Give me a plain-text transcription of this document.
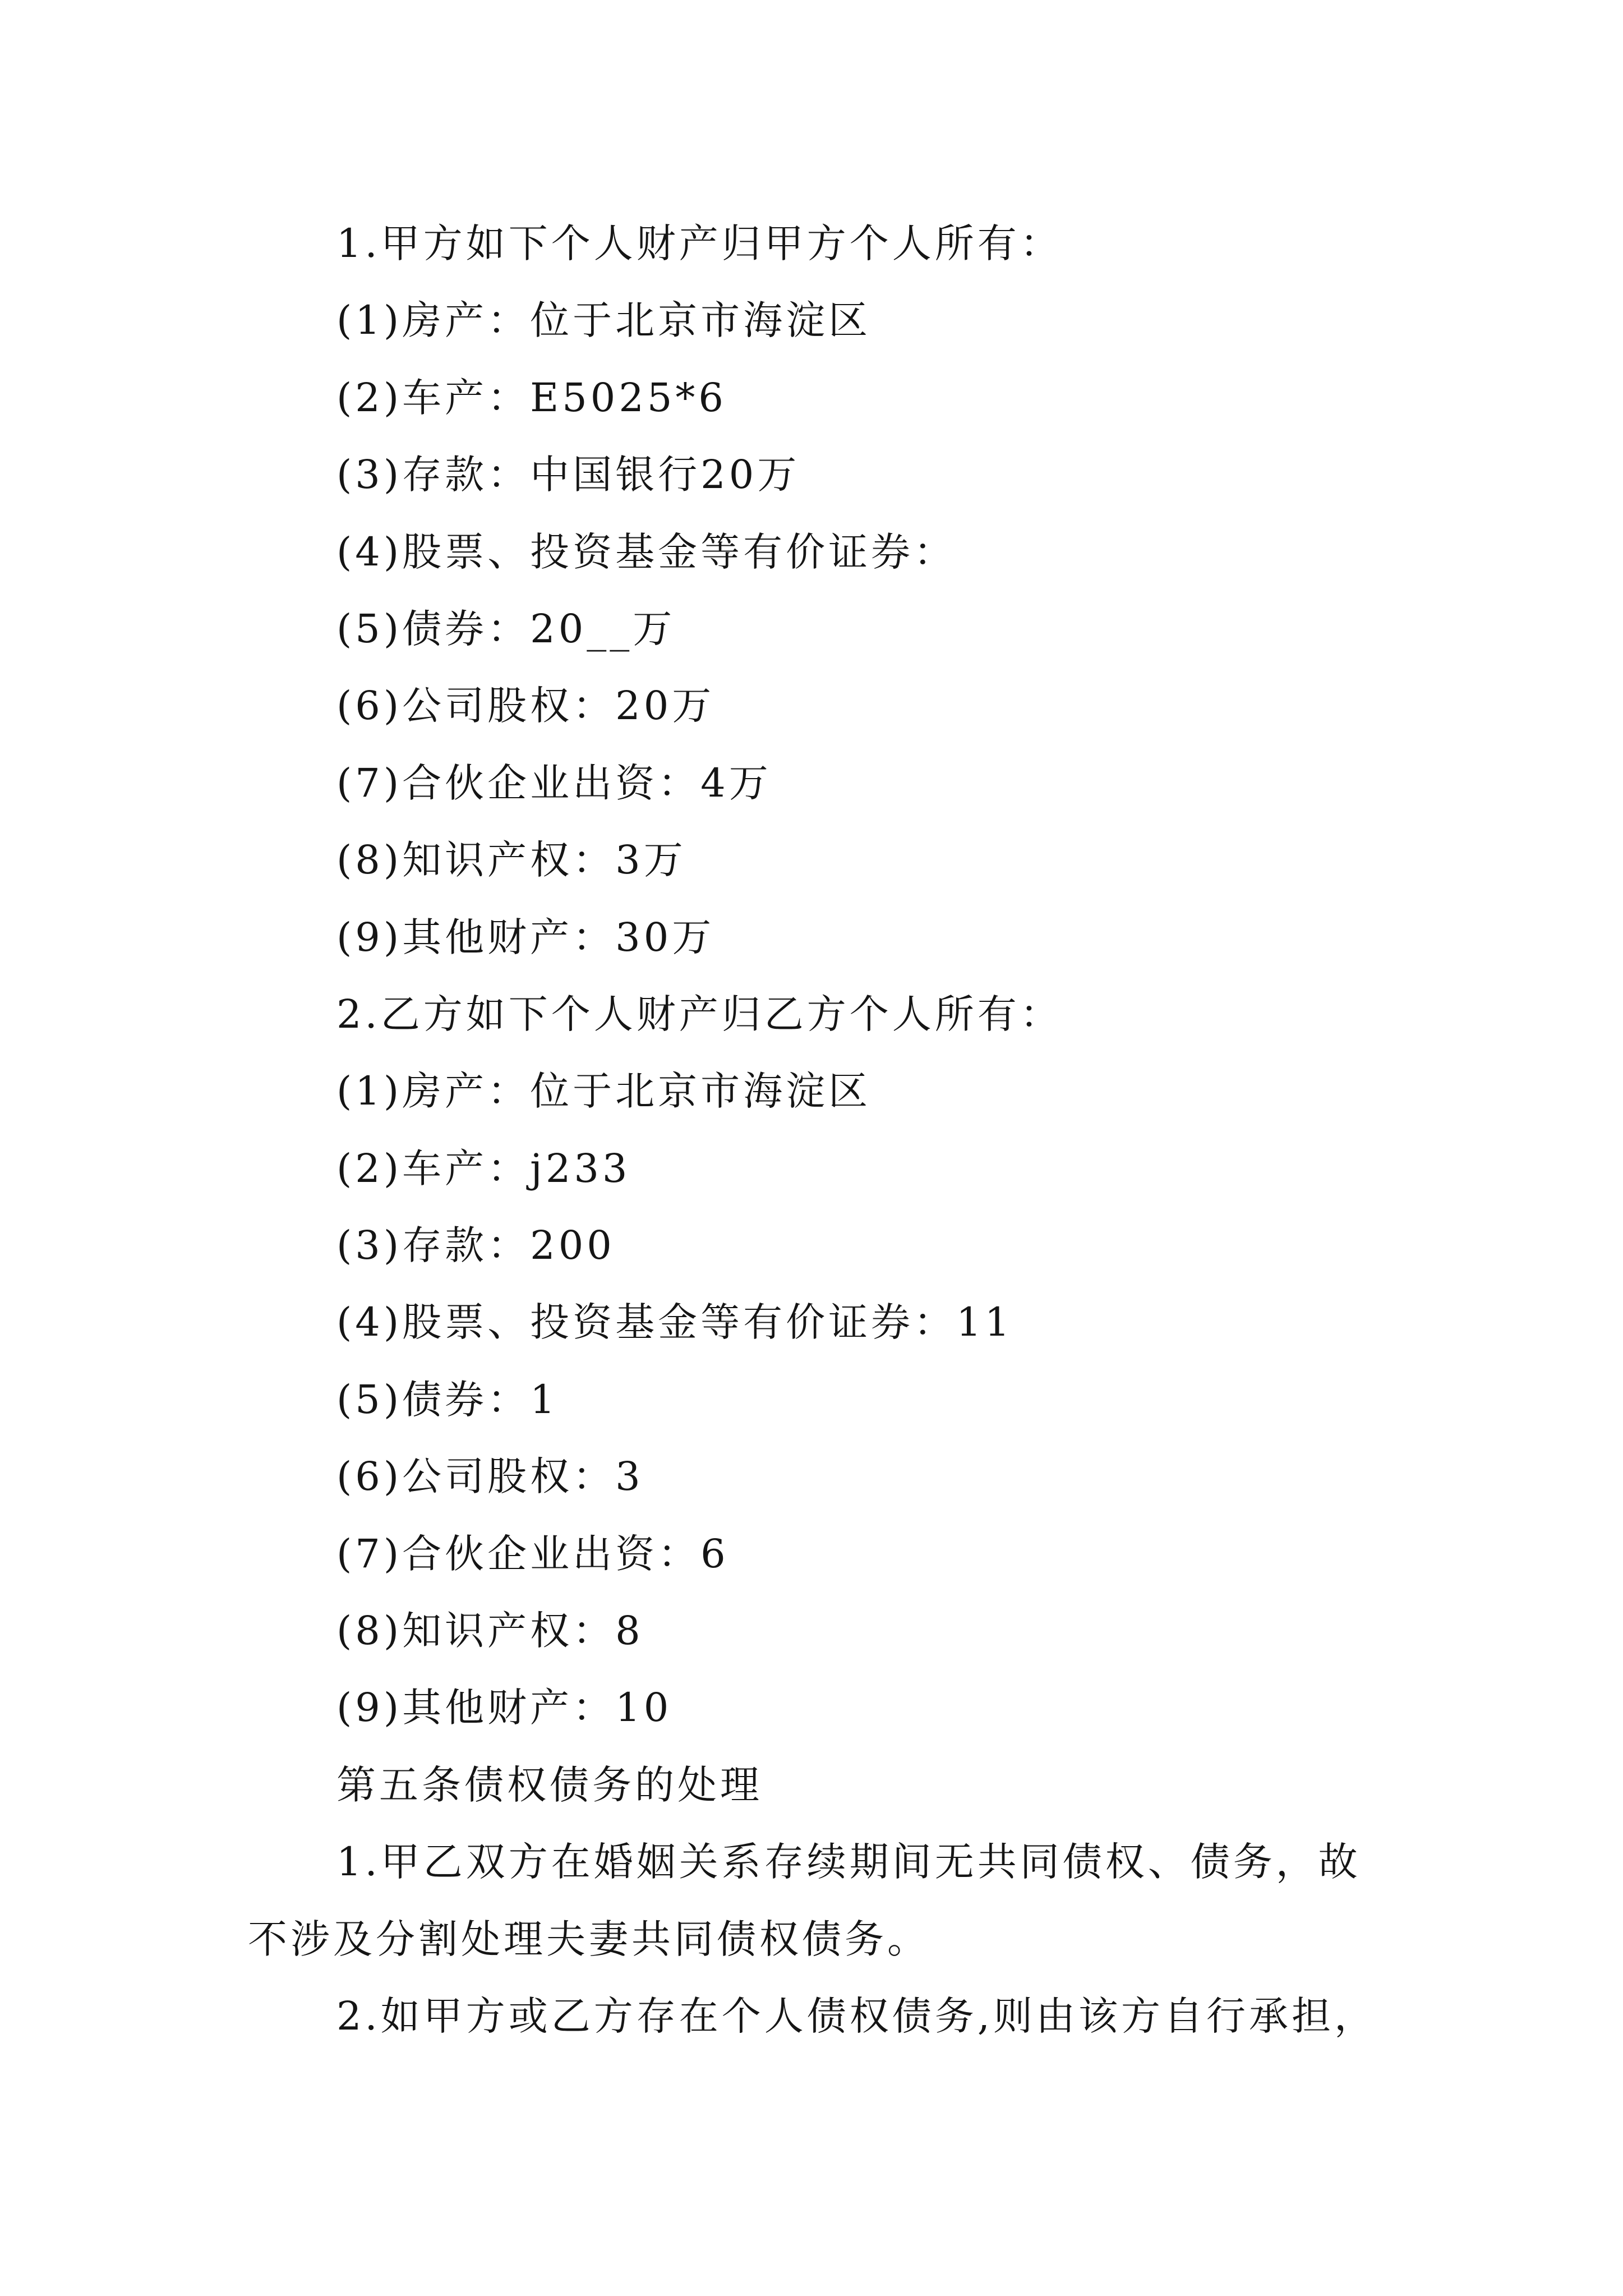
1.甲方如下个人财产归甲方个人所有：
(1)房产：位于北京市海淀区
(2)车产：E5025*6
(3)存款：中国银行20万
(4)股票、投资基金等有价证券：
(5)债券：20__万
(6)公司股权：20万
(7)合伙企业出资：4万
(8)知识产权：3万
(9)其他财产：30万
2.乙方如下个人财产归乙方个人所有：
(1)房产：位于北京市海淀区
(2)车产：j233
(3)存款：200
(4)股票、投资基金等有价证券：11
(5)债券：1
(6)公司股权：3
(7)合伙企业出资：6
(8)知识产权：8
(9)其他财产：10
第五条债权债务的处理
1.甲乙双方在婚姻关系存续期间无共同债权、债务，故
不涉及分割处理夫妻共同债权债务。
2.如甲方或乙方存在个人债权债务,则由该方自行承担，
